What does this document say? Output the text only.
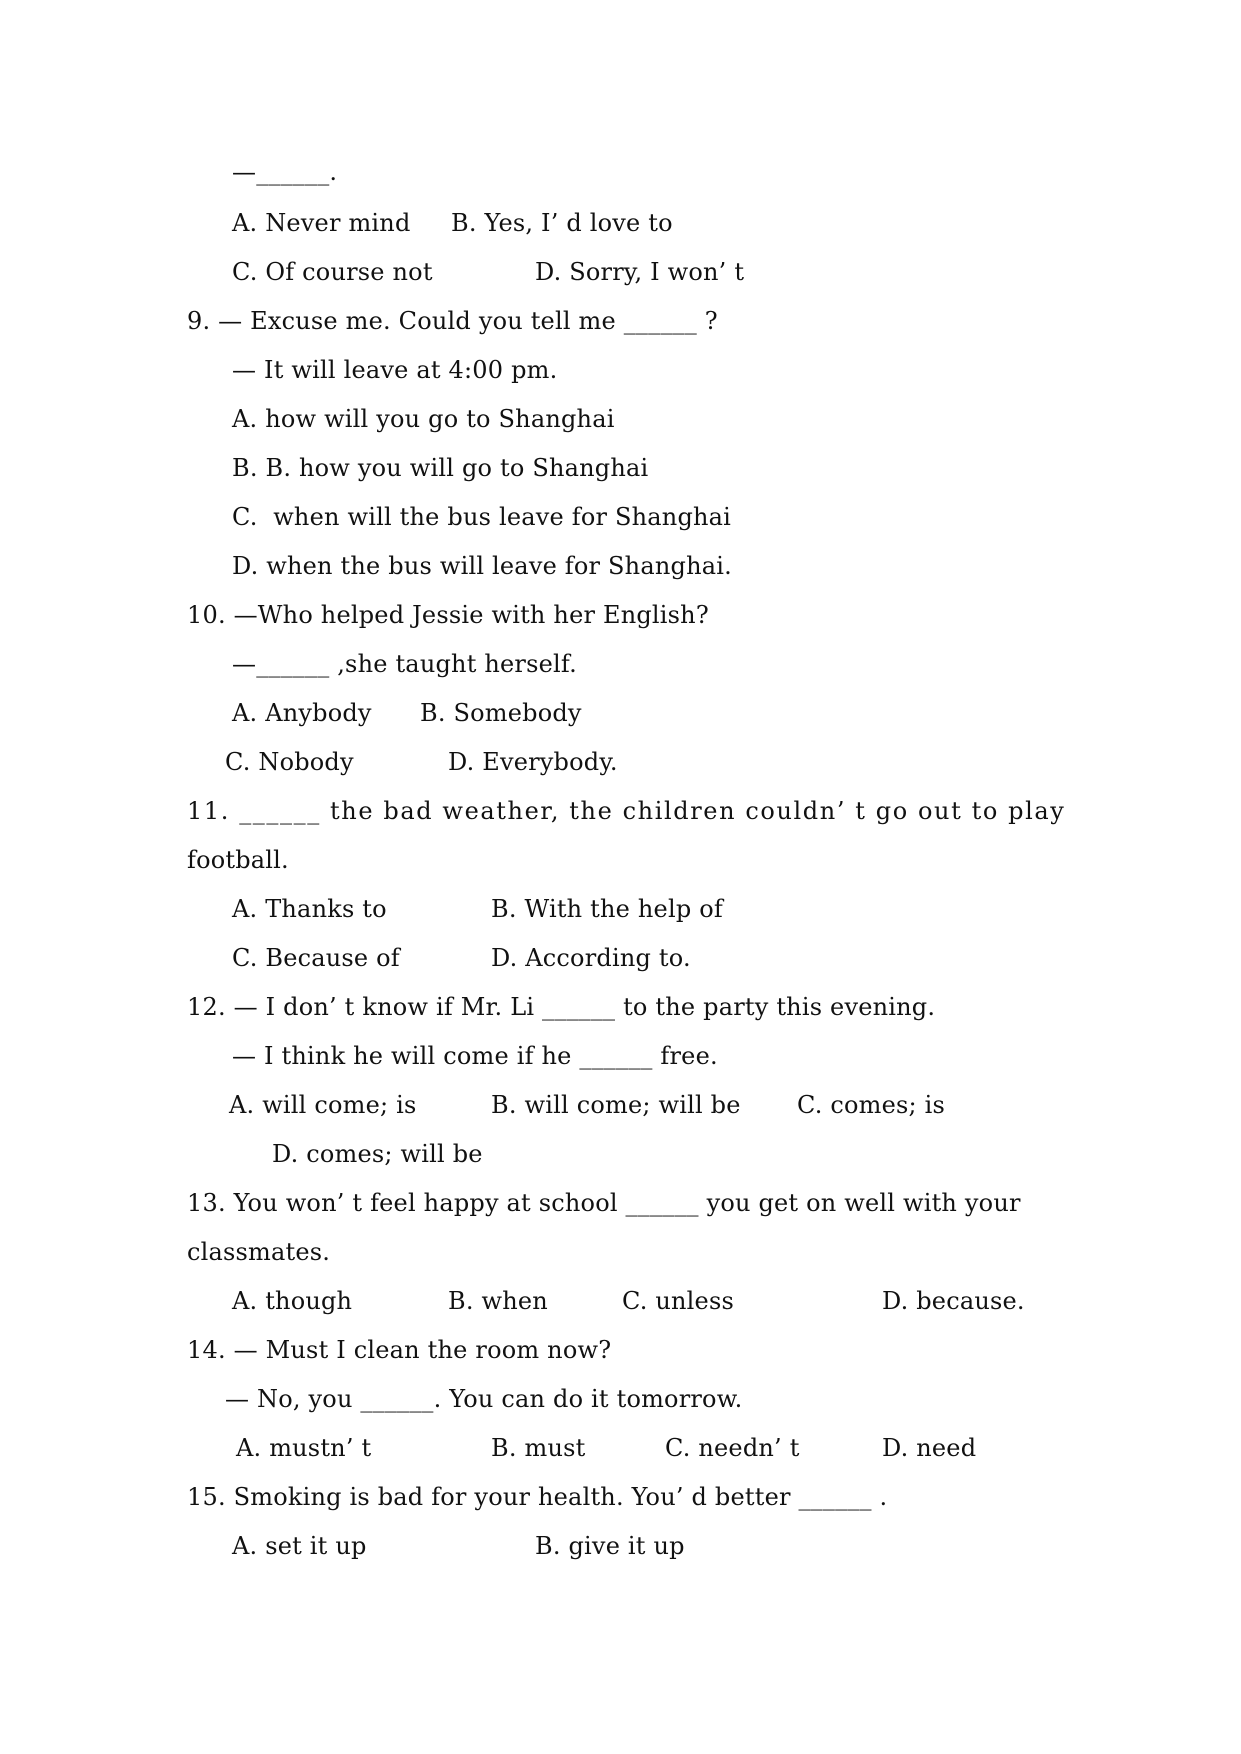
—______.
A. Never mind B. Yes, I’ d love to
C. Of course not	D. Sorry, I won’ t
9. — Excuse me. Could you tell me ______ ?
— It will leave at 4:00 pm.
A. how will you go to Shanghai
B. B. how you will go to Shanghai
C.  when will the bus leave for Shanghai
D. when the bus will leave for Shanghai.
10. —Who helped Jessie with her English?
—______ ,she taught herself.
A. Anybody B. Somebody
C. Nobody	D. Everybody.
11. ______ the bad weather, the children couldn’ t go out to play
football.
A. Thanks to	B. With the help of
C. Because of	D. According to.
12. — I don’ t know if Mr. Li ______ to the party this evening.
— I think he will come if he ______ free.
A. will come; is	B. will come; will be C. comes; is
D. comes; will be
13. You won’ t feel happy at school ______ you get on well with your
classmates.
A. though	B. when	C. unless	D. because.
14. — Must I clean the room now?
— No, you ______. You can do it tomorrow.
A. mustn’ t	B. must	C. needn’ t	D. need
15. Smoking is bad for your health. You’ d better ______ .
A. set it up	B. give it up
